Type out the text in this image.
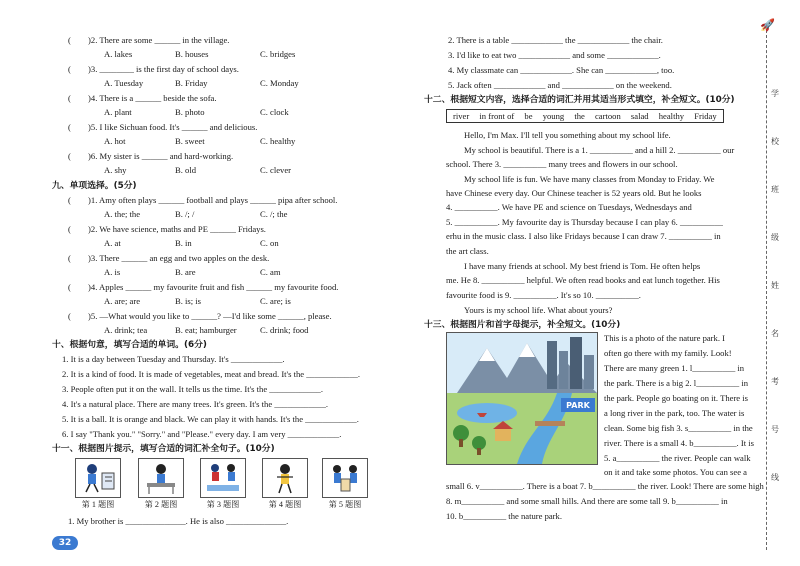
(　　)2. There are some ______ in the village.
A. lakes	B. houses	C. bridges
(　　)3. ________ is the first day of school days.
A. Tuesday	B. Friday	C. Monday
(　　)4. There is a ______ beside the sofa.
A. plant	B. photo	C. clock
(　　)5. I like Sichuan food. It's ______ and delicious.
A. hot	B. sweet	C. healthy
(　　)6. My sister is ______ and hard-working.
A. shy	B. old	C. clever
九、单项选择。(5分)
(　　)1. Amy often plays ______ football and plays ______ pipa after school.
A. the; the	B. /; /	C. /; the
(　　)2. We have science, maths and PE ______ Fridays.
A. at	B. in	C. on
(　　)3. There ______ an egg and two apples on the desk.
A. is	B. are	C. am
(　　)4. Apples ______ my favourite fruit and fish ______ my favourite food.
A. are; are	B. is; is	C. are; is
(　　)5. —What would you like to ______? —I'd like some ______, please.
A. drink; tea	B. eat; hamburger	C. drink; food
十、根据句意，填写合适的单词。(6分)
1. It is a day between Tuesday and Thursday. It's ____________.
2. It is a kind of food. It is made of vegetables, meat and bread. It's the ____________.
3. People often put it on the wall. It tells us the time. It's the ____________.
4. It's a natural place. There are many trees. It's green. It's the ____________.
5. It is a ball. It is orange and black. We can play it with hands. It's the ____________.
6. I say "Thank you." "Sorry." and "Please." every day. I am very ____________.
十一、根据图片提示，填写合适的词汇补全句子。(10分)
第 1 题图	第 2 题图	第 3 题图	第 4 题图	第 5 题图
1. My brother is ______________. He is also ______________.
32
2. There is a table ____________ the ____________ the chair.
3. I'd like to eat two ____________ and some ____________.
4. My classmate can ____________. She can ____________, too.
5. Jack often ____________ and ____________ on the weekend.
十二、根据短文内容，选择合适的词汇并用其适当形式填空，补全短文。(10分)
river in front of be young the cartoon salad healthy Friday
Hello, I'm Max. I'll tell you something about my school life.
My school is beautiful. There is a 1. __________ and a hill 2. __________ our
school. There 3. __________ many trees and flowers in our school.
My school life is fun. We have many classes from Monday to Friday. We
have Chinese every day. Our Chinese teacher is 52 years old. But he looks
4. __________. We have PE and science on Tuesdays, Wednesdays and
5. __________. My favourite day is Thursday because I can play 6. __________
erhu in the music class. I also like Fridays because I can draw 7. __________ in
the art class.
I have many friends at school. My best friend is Tom. He often helps
me. He 8. __________ helpful. We often read books and eat lunch together. His
favourite food is 9. __________. It's so 10. __________.
Yours is my school life. What about yours?
十三、根据图片和首字母提示，补全短文。(10分)
PARK
This is a photo of the nature park. I
often go there with my family. Look!
There are many green 1. l__________ in
the park. There is a big 2. l__________ in
the park. People go boating on it. There is
a long river in the park, too. The water is
clean. Some big fish 3. s__________ in the
river. There is a small 4. b__________. It is
5. a__________ the river. People can walk
on it and take some photos. You can see a
small 6. v__________. There is a boat 7. b__________ the river. Look! There are some high
8. m__________ and some small hills. And there are some tall 9. b__________ in
10. b__________ the nature park.
🚀
学
校
班
级
姓
名
考
号
线
